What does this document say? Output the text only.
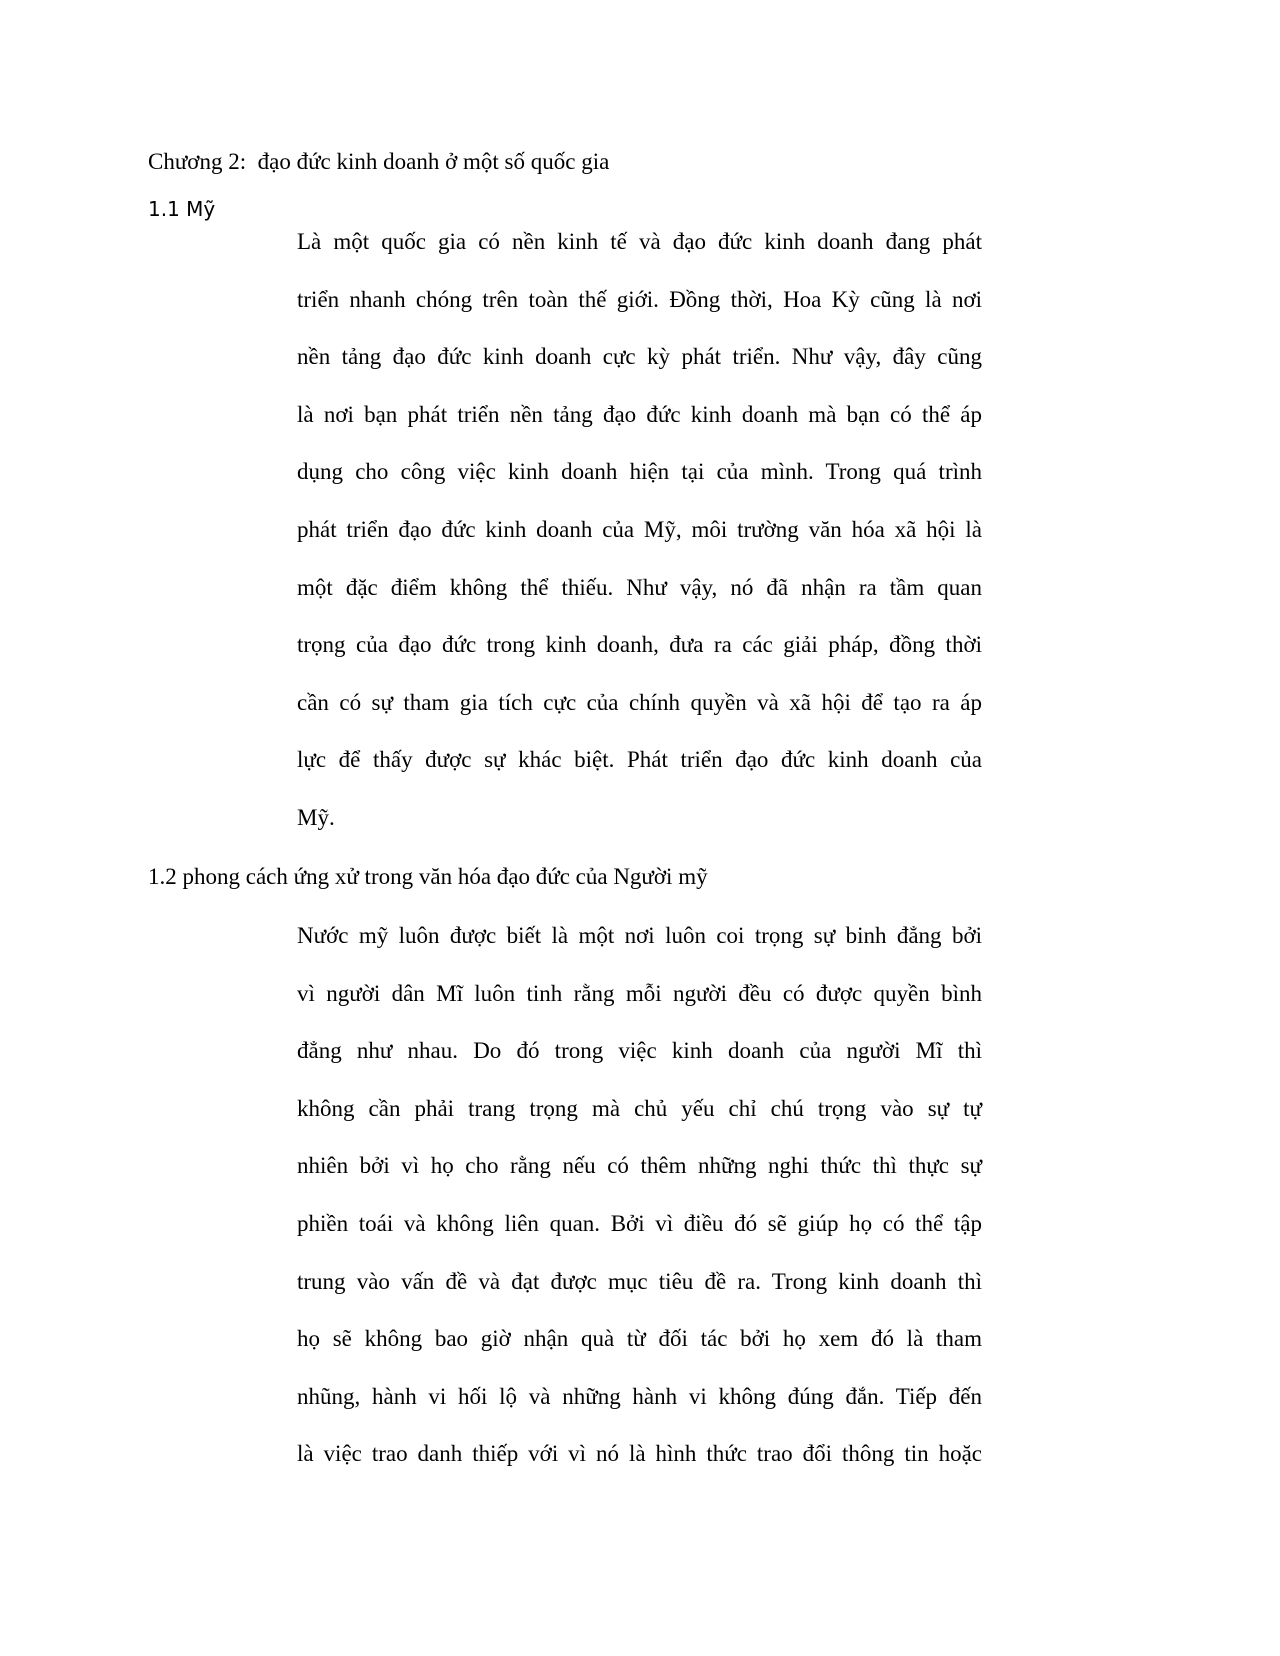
Chương 2:  đạo đức kinh doanh ở một số quốc gia
1.1 Mỹ
Là một quốc gia có nền kinh tế và đạo đức kinh doanh đang phát
triển nhanh chóng trên toàn thế giới. Đồng thời, Hoa Kỳ cũng là nơi
nền tảng đạo đức kinh doanh cực kỳ phát triển. Như vậy, đây cũng
là nơi bạn phát triển nền tảng đạo đức kinh doanh mà bạn có thể áp
dụng cho công việc kinh doanh hiện tại của mình. Trong quá trình
phát triển đạo đức kinh doanh của Mỹ, môi trường văn hóa xã hội là
một đặc điểm không thể thiếu. Như vậy, nó đã nhận ra tầm quan
trọng của đạo đức trong kinh doanh, đưa ra các giải pháp, đồng thời
cần có sự tham gia tích cực của chính quyền và xã hội để tạo ra áp
lực để thấy được sự khác biệt. Phát triển đạo đức kinh doanh của
Mỹ.
1.2 phong cách ứng xử trong văn hóa đạo đức của Người mỹ
Nước mỹ luôn được biết là một nơi luôn coi trọng sự binh đẳng bởi
vì người dân Mĩ luôn tinh rằng mỗi người đều có được quyền bình
đẳng như nhau. Do đó trong việc kinh doanh của người Mĩ thì
không cần phải trang trọng mà chủ yếu chỉ chú trọng vào sự tự
nhiên bởi vì họ cho rằng nếu có thêm những nghi thức thì thực sự
phiền toái và không liên quan. Bởi vì điều đó sẽ giúp họ có thể tập
trung vào vấn đề và đạt được mục tiêu đề ra. Trong kinh doanh thì
họ sẽ không bao giờ nhận quà từ đối tác bởi họ xem đó là tham
nhũng, hành vi hối lộ và những hành vi không đúng đắn. Tiếp đến
là việc trao danh thiếp với vì nó là hình thức trao đổi thông tin hoặc
